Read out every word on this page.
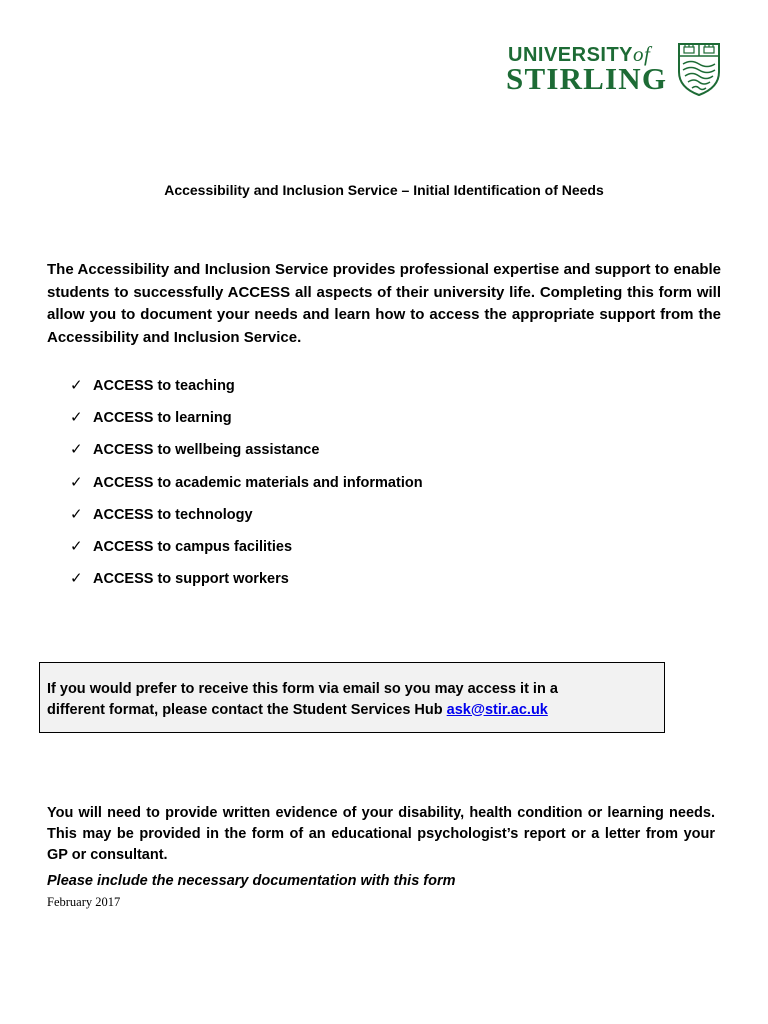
UNIVERSITYof
STIRLING
Accessibility and Inclusion Service – Initial Identification of Needs

The Accessibility and Inclusion Service provides professional expertise and support to enable students to successfully ACCESS all aspects of their university life. Completing this form will allow you to document your needs and learn how to access the appropriate support from the Accessibility and Inclusion Service.

✓ ACCESS to teaching
✓ ACCESS to learning
✓ ACCESS to wellbeing assistance
✓ ACCESS to academic materials and information
✓ ACCESS to technology
✓ ACCESS to campus facilities
✓ ACCESS to support workers
If you would prefer to receive this form via email so you may access it in a
different format, please contact the Student Services Hub ask@stir.ac.uk

You will need to provide written evidence of your disability, health condition or learning needs. This may be provided in the form of an educational psychologist’s report or a letter from your GP or consultant.

Please include the necessary documentation with this form
February 2017
